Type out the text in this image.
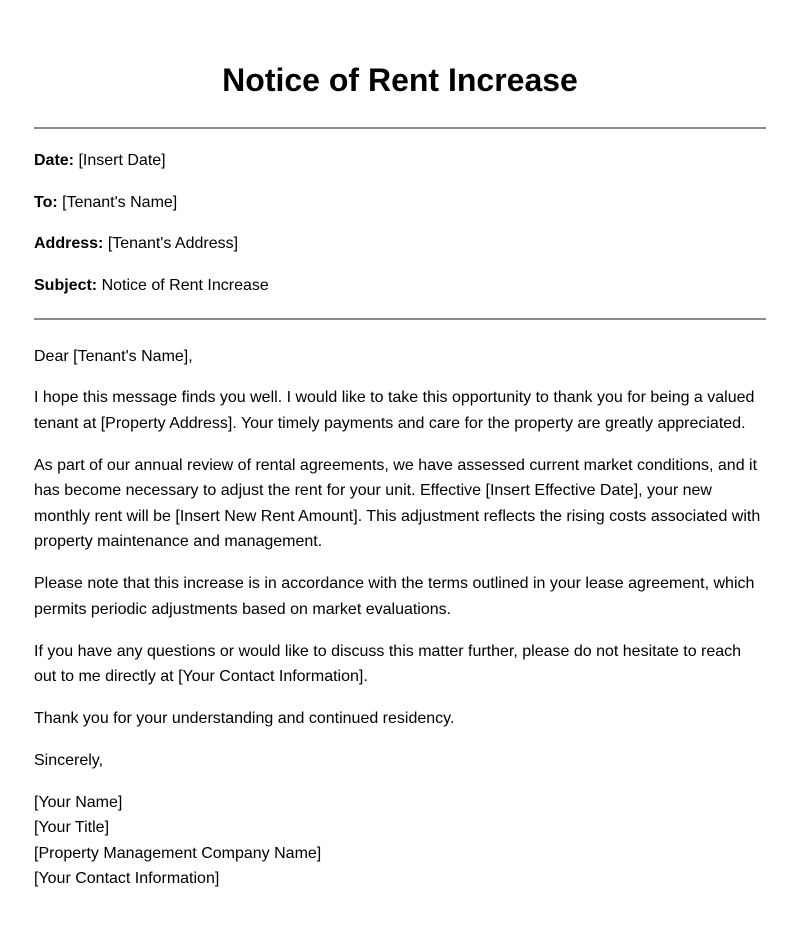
Notice of Rent Increase

Date: [Insert Date]

To: [Tenant's Name]

Address: [Tenant's Address]

Subject: Notice of Rent Increase

Dear [Tenant's Name],

I hope this message finds you well. I would like to take this opportunity to thank you for being a valued tenant at [Property Address]. Your timely payments and care for the property are greatly appreciated.

As part of our annual review of rental agreements, we have assessed current market conditions, and it has become necessary to adjust the rent for your unit. Effective [Insert Effective Date], your new monthly rent will be [Insert New Rent Amount]. This adjustment reflects the rising costs associated with property maintenance and management.

Please note that this increase is in accordance with the terms outlined in your lease agreement, which permits periodic adjustments based on market evaluations.

If you have any questions or would like to discuss this matter further, please do not hesitate to reach out to me directly at [Your Contact Information].

Thank you for your understanding and continued residency.

Sincerely,

[Your Name]
[Your Title]
[Property Management Company Name]
[Your Contact Information]
